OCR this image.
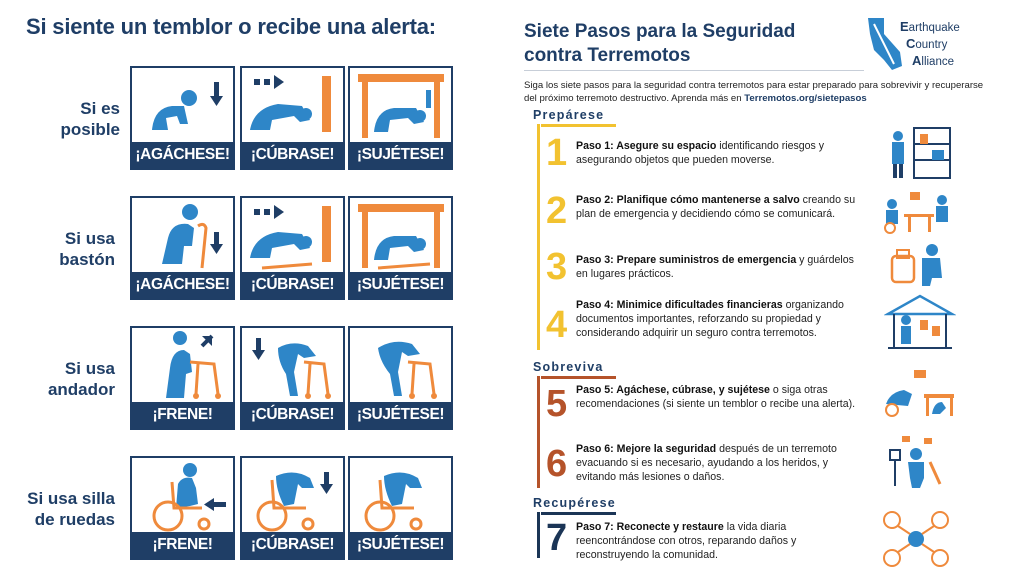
Si siente un temblor o recibe una alerta:
Si es
posible
¡AGÁCHESE!	¡CÚBRASE!	¡SUJÉTESE!
Si usa
bastón
¡AGÁCHESE!	¡CÚBRASE!	¡SUJÉTESE!
Si usa
andador
¡FRENE!	¡CÚBRASE!	¡SUJÉTESE!
Si usa silla
de ruedas
¡FRENE!	¡CÚBRASE!	¡SUJÉTESE!
Siete Pasos para la Seguridad
contra Terremotos
Earthquake
Country
Alliance
Siga los siete pasos para la seguridad contra terremotos para estar preparado para sobrevivir y recuperarse del próximo terremoto destructivo. Aprenda más en Terremotos.org/sietepasos
Prepárese
1 Paso 1: Asegure su espacio identificando riesgos y asegurando objetos que pueden moverse.
2 Paso 2: Planifique cómo mantenerse a salvo creando su plan de emergencia y decidiendo cómo se comunicará.
3 Paso 3: Prepare suministros de emergencia y guárdelos en lugares prácticos.
4 Paso 4: Minimice dificultades financieras organizando documentos importantes, reforzando su propiedad y considerando adquirir un seguro contra terremotos.
Sobreviva
5 Paso 5: Agáchese, cúbrase, y sujétese o siga otras recomendaciones (si siente un temblor o recibe una alerta).
6 Paso 6: Mejore la seguridad después de un terremoto evacuando si es necesario, ayudando a los heridos, y evitando más lesiones o daños.
Recupérese
7 Paso 7: Reconecte y restaure la vida diaria reencontrándose con otros, reparando daños y reconstruyendo la comunidad.
